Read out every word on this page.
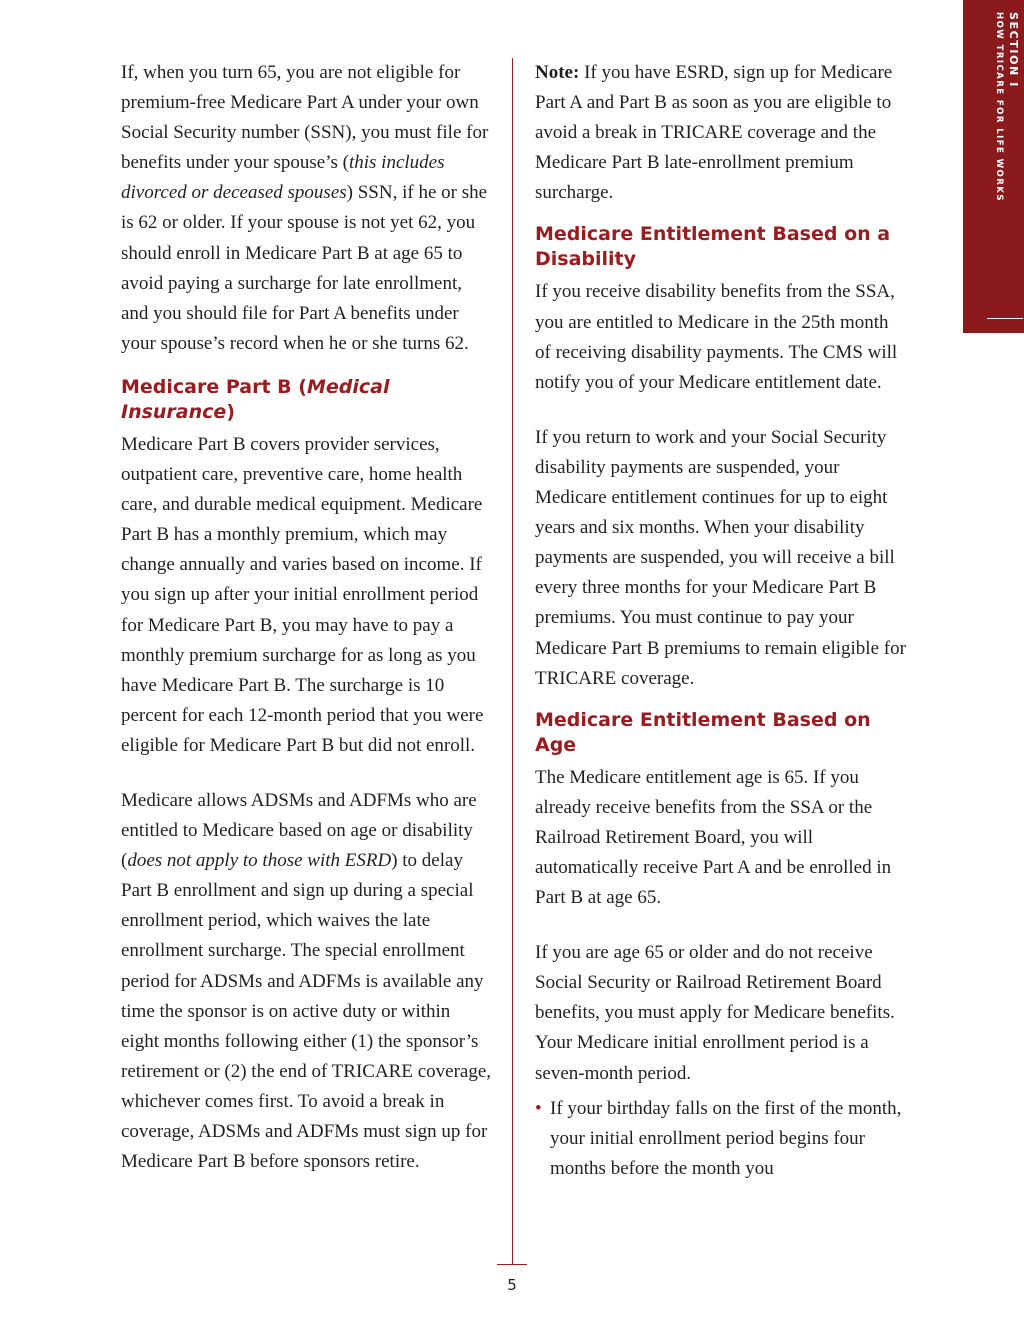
SECTION I
HOW TRICARE FOR LIFE WORKS

If, when you turn 65, you are not eligible for premium-free Medicare Part A under your own Social Security number (SSN), you must file for benefits under your spouse’s (this includes divorced or deceased spouses) SSN, if he or she is 62 or older. If your spouse is not yet 62, you should enroll in Medicare Part B at age 65 to avoid paying a surcharge for late enrollment, and you should file for Part A benefits under your spouse’s record when he or she turns 62.

Medicare Part B (Medical Insurance)

Medicare Part B covers provider services, outpatient care, preventive care, home health care, and durable medical equipment. Medicare Part B has a monthly premium, which may change annually and varies based on income. If you sign up after your initial enrollment period for Medicare Part B, you may have to pay a monthly premium surcharge for as long as you have Medicare Part B. The surcharge is 10 percent for each 12-month period that you were eligible for Medicare Part B but did not enroll.

Medicare allows ADSMs and ADFMs who are entitled to Medicare based on age or disability (does not apply to those with ESRD) to delay Part B enrollment and sign up during a special enrollment period, which waives the late enrollment surcharge. The special enrollment period for ADSMs and ADFMs is available any time the sponsor is on active duty or within eight months following either (1) the sponsor’s retirement or (2) the end of TRICARE coverage, whichever comes first. To avoid a break in coverage, ADSMs and ADFMs must sign up for Medicare Part B before sponsors retire.

Note: If you have ESRD, sign up for Medicare Part A and Part B as soon as you are eligible to avoid a break in TRICARE coverage and the Medicare Part B late-enrollment premium surcharge.

Medicare Entitlement Based on a Disability

If you receive disability benefits from the SSA, you are entitled to Medicare in the 25th month of receiving disability payments. The CMS will notify you of your Medicare entitlement date.

If you return to work and your Social Security disability payments are suspended, your Medicare entitlement continues for up to eight years and six months. When your disability payments are suspended, you will receive a bill every three months for your Medicare Part B premiums. You must continue to pay your Medicare Part B premiums to remain eligible for TRICARE coverage.

Medicare Entitlement Based on Age

The Medicare entitlement age is 65. If you already receive benefits from the SSA or the Railroad Retirement Board, you will automatically receive Part A and be enrolled in Part B at age 65.

If you are age 65 or older and do not receive Social Security or Railroad Retirement Board benefits, you must apply for Medicare benefits. Your Medicare initial enrollment period is a seven-month period.

• If your birthday falls on the first of the month, your initial enrollment period begins four months before the month you
5
